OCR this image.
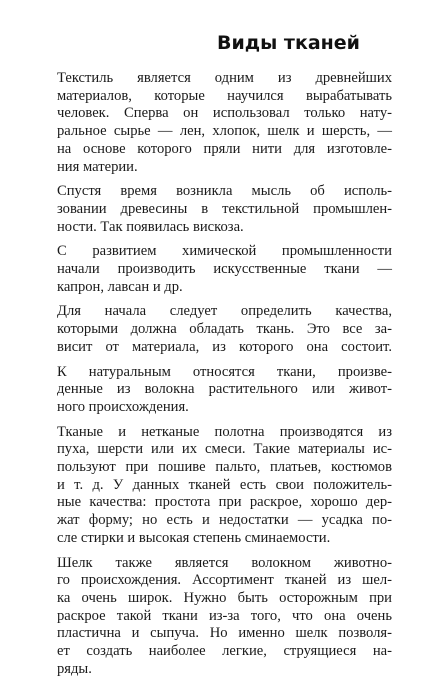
Виды тканей

Текстиль является одним из древнейших
материалов, которые научился вырабатывать
человек. Сперва он использовал только нату-
ральное сырье — лен, хлопок, шелк и шерсть, —
на основе которого пряли нити для изготовле-
ния материи.

Спустя время возникла мысль об исполь-
зовании древесины в текстильной промышлен-
ности. Так появилась вискоза.

С развитием химической промышленности
начали производить искусственные ткани —
капрон, лавсан и др.

Для начала следует определить качества,
которыми должна обладать ткань. Это все за-
висит от материала, из которого она состоит.

К натуральным относятся ткани, произве-
денные из волокна растительного или живот-
ного происхождения.

Тканые и нетканые полотна производятся из
пуха, шерсти или их смеси. Такие материалы ис-
пользуют при пошиве пальто, платьев, костюмов
и т. д. У данных тканей есть свои положитель-
ные качества: простота при раскрое, хорошо дер-
жат форму; но есть и недостатки — усадка по-
сле стирки и высокая степень сминаемости.

Шелк также является волокном животно-
го происхождения. Ассортимент тканей из шел-
ка очень широк. Нужно быть осторожным при
раскрое такой ткани из-за того, что она очень
пластична и сыпуча. Но именно шелк позволя-
ет создать наиболее легкие, струящиеся на-
ряды.
